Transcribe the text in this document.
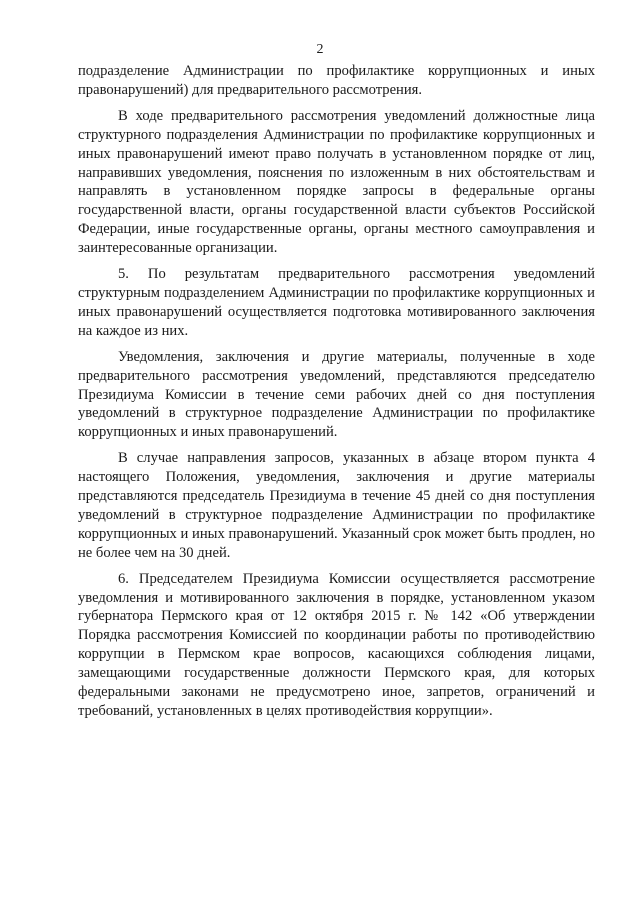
2

подразделение Администрации по профилактике коррупционных и иных правонарушений) для предварительного рассмотрения.

В ходе предварительного рассмотрения уведомлений должностные лица структурного подразделения Администрации по профилактике коррупционных и иных правонарушений имеют право получать в установленном порядке от лиц, направивших уведомления, пояснения по изложенным в них обстоятельствам и направлять в установленном порядке запросы в федеральные органы государственной власти, органы государственной власти субъектов Российской Федерации, иные государственные органы, органы местного самоуправления и заинтересованные организации.

5. По результатам предварительного рассмотрения уведомлений структурным подразделением Администрации по профилактике коррупционных и иных правонарушений осуществляется подготовка мотивированного заключения на каждое из них.

Уведомления, заключения и другие материалы, полученные в ходе предварительного рассмотрения уведомлений, представляются председателю Президиума Комиссии в течение семи рабочих дней со дня поступления уведомлений в структурное подразделение Администрации по профилактике коррупционных и иных правонарушений.

В случае направления запросов, указанных в абзаце втором пункта 4 настоящего Положения, уведомления, заключения и другие материалы представляются председатель Президиума в течение 45 дней со дня поступления уведомлений в структурное подразделение Администрации по профилактике коррупционных и иных правонарушений. Указанный срок может быть продлен, но не более чем на 30 дней.

6. Председателем Президиума Комиссии осуществляется рассмотрение уведомления и мотивированного заключения в порядке, установленном указом губернатора Пермского края от 12 октября 2015 г. № 142 «Об утверждении Порядка рассмотрения Комиссией по координации работы по противодействию коррупции в Пермском крае вопросов, касающихся соблюдения лицами, замещающими государственные должности Пермского края, для которых федеральными законами не предусмотрено иное, запретов, ограничений и требований, установленных в целях противодействия коррупции».
